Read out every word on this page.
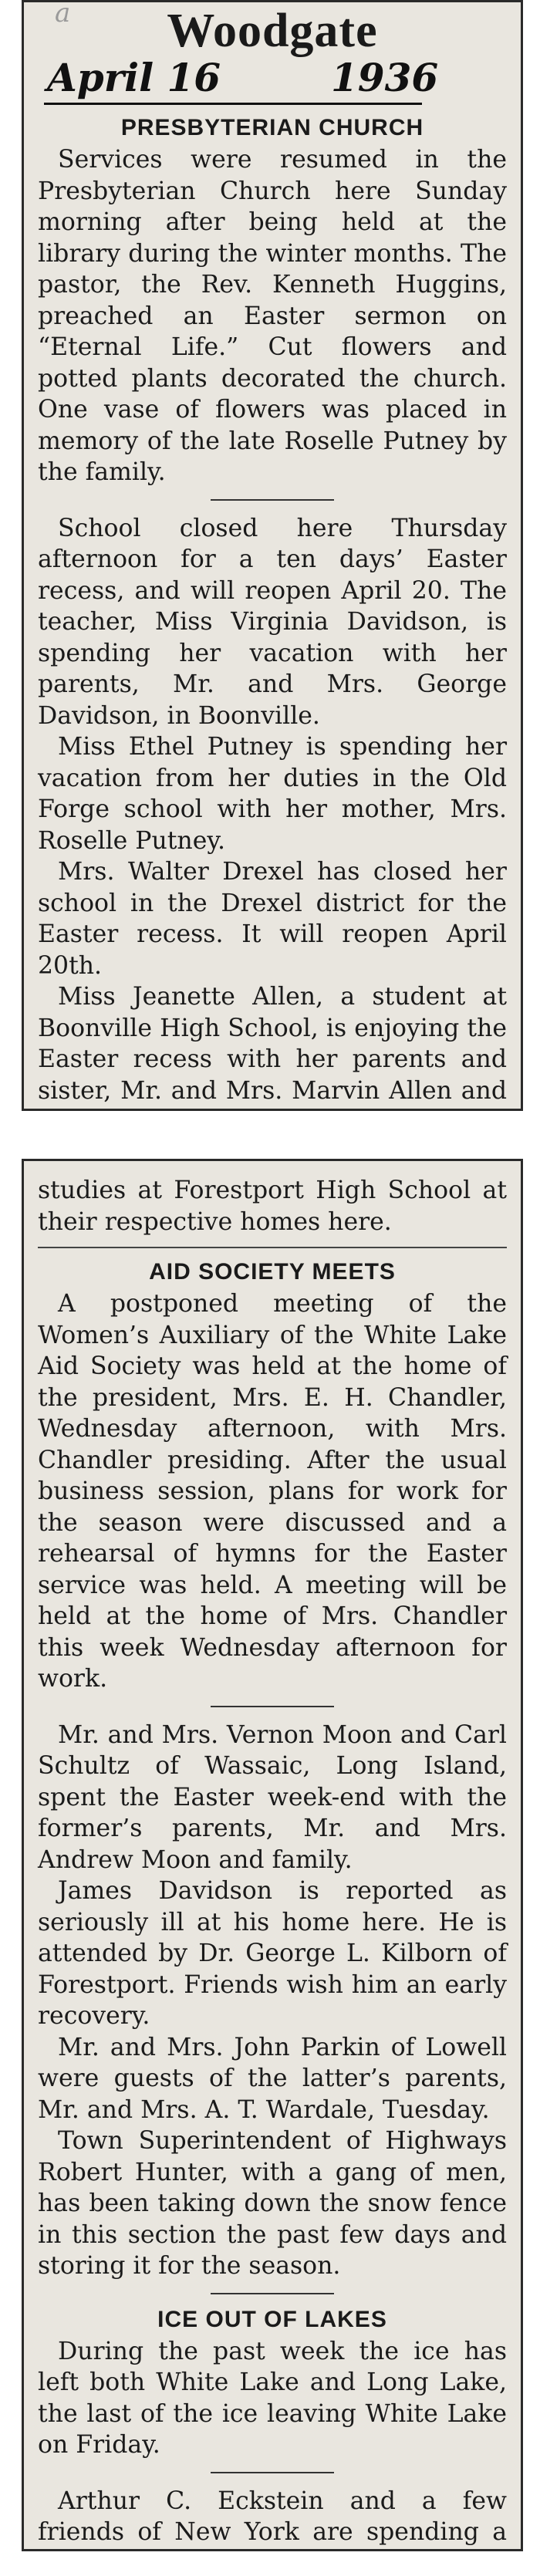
a	Woodgate
April 16	1936
PRESBYTERIAN CHURCH

Services were resumed in the Presbyterian Church here Sunday morning after being held at the library during the winter months. The pastor, the Rev. Kenneth Huggins, preached an Easter sermon on “Eternal Life.” Cut flowers and potted plants decorated the church. One vase of flowers was placed in memory of the late Roselle Putney by the family.

School closed here Thursday afternoon for a ten days’ Easter recess, and will reopen April 20. The teacher, Miss Virginia Davidson, is spending her vacation with her parents, Mr. and Mrs. George Davidson, in Boonville.

Miss Ethel Putney is spending her vacation from her duties in the Old Forge school with her mother, Mrs. Roselle Putney.

Mrs. Walter Drexel has closed her school in the Drexel district for the Easter recess. It will reopen April 20th.

Miss Jeanette Allen, a student at Boonville High School, is enjoying the Easter recess with her parents and sister, Mr. and Mrs. Marvin Allen and

studies at Forestport High School at their respective homes here.

AID SOCIETY MEETS

A postponed meeting of the Women’s Auxiliary of the White Lake Aid Society was held at the home of the president, Mrs. E. H. Chandler, Wednesday afternoon, with Mrs. Chandler presiding. After the usual business session, plans for work for the season were discussed and a rehearsal of hymns for the Easter service was held. A meeting will be held at the home of Mrs. Chandler this week Wednesday afternoon for work.

Mr. and Mrs. Vernon Moon and Carl Schultz of Wassaic, Long Island, spent the Easter week-end with the former’s parents, Mr. and Mrs. Andrew Moon and family.

James Davidson is reported as seriously ill at his home here. He is attended by Dr. George L. Kilborn of Forestport. Friends wish him an early recovery.

Mr. and Mrs. John Parkin of Lowell were guests of the latter’s parents, Mr. and Mrs. A. T. Wardale, Tuesday.

Town Superintendent of Highways Robert Hunter, with a gang of men, has been taking down the snow fence in this section the past few days and storing it for the season.

ICE OUT OF LAKES

During the past week the ice has left both White Lake and Long Lake, the last of the ice leaving White Lake on Friday.

Arthur C. Eckstein and a few friends of New York are spending a
